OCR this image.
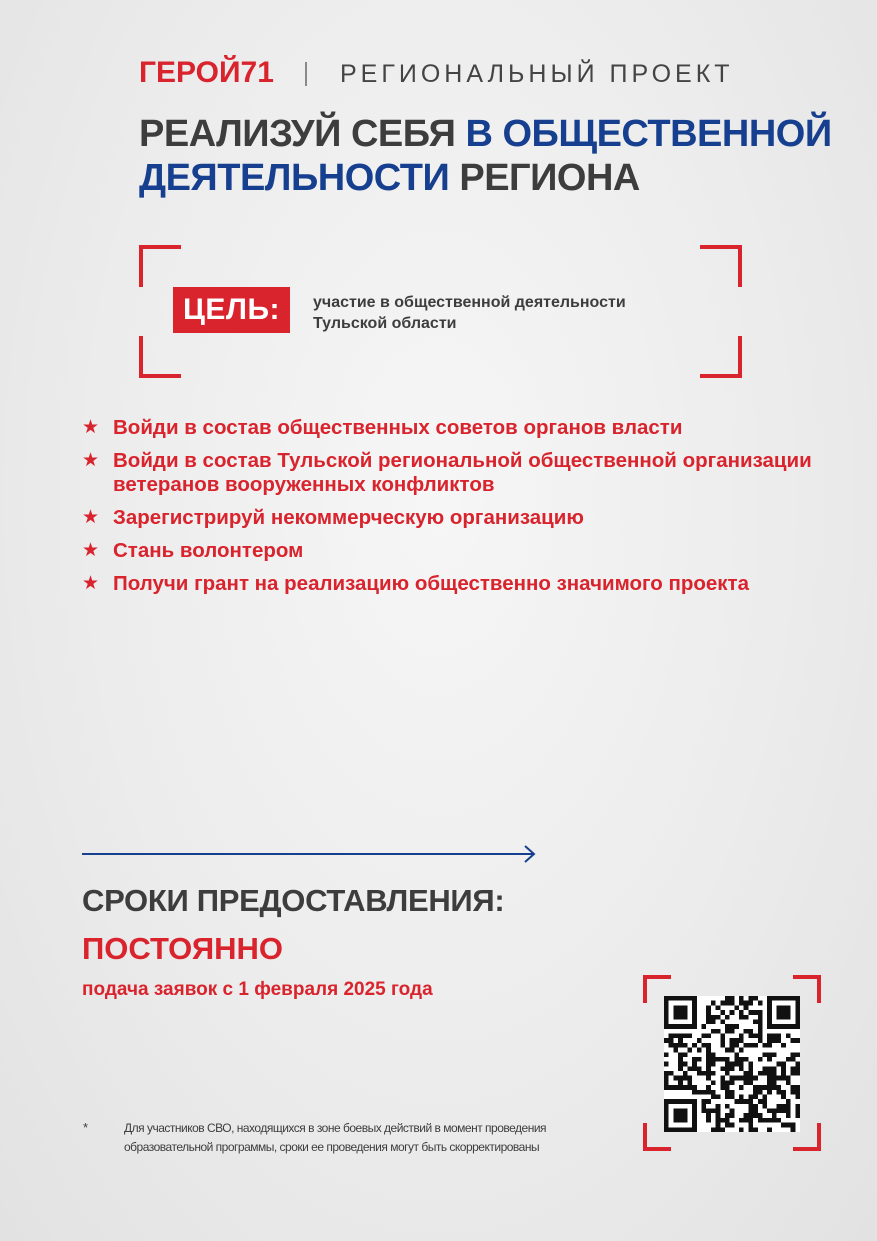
ГЕРОЙ71	РЕГИОНАЛЬНЫЙ ПРОЕКТ
РЕАЛИЗУЙ СЕБЯ В ОБЩЕСТВЕННОЙ ДЕЯТЕЛЬНОСТИ РЕГИОНА
ЦЕЛЬ:	участие в общественной деятельности Тульской области
★ Войди в состав общественных советов органов власти
★ Войди в состав Тульской региональной общественной организации ветеранов вооруженных конфликтов
★ Зарегистрируй некоммерческую организацию
★ Стань волонтером
★ Получи грант на реализацию общественно значимого проекта
СРОКИ ПРЕДОСТАВЛЕНИЯ:
ПОСТОЯННО
подача заявок с 1 февраля 2025 года
*	Для участников СВО, находящихся в зоне боевых действий в момент проведения образовательной программы, сроки ее проведения могут быть скорректированы
